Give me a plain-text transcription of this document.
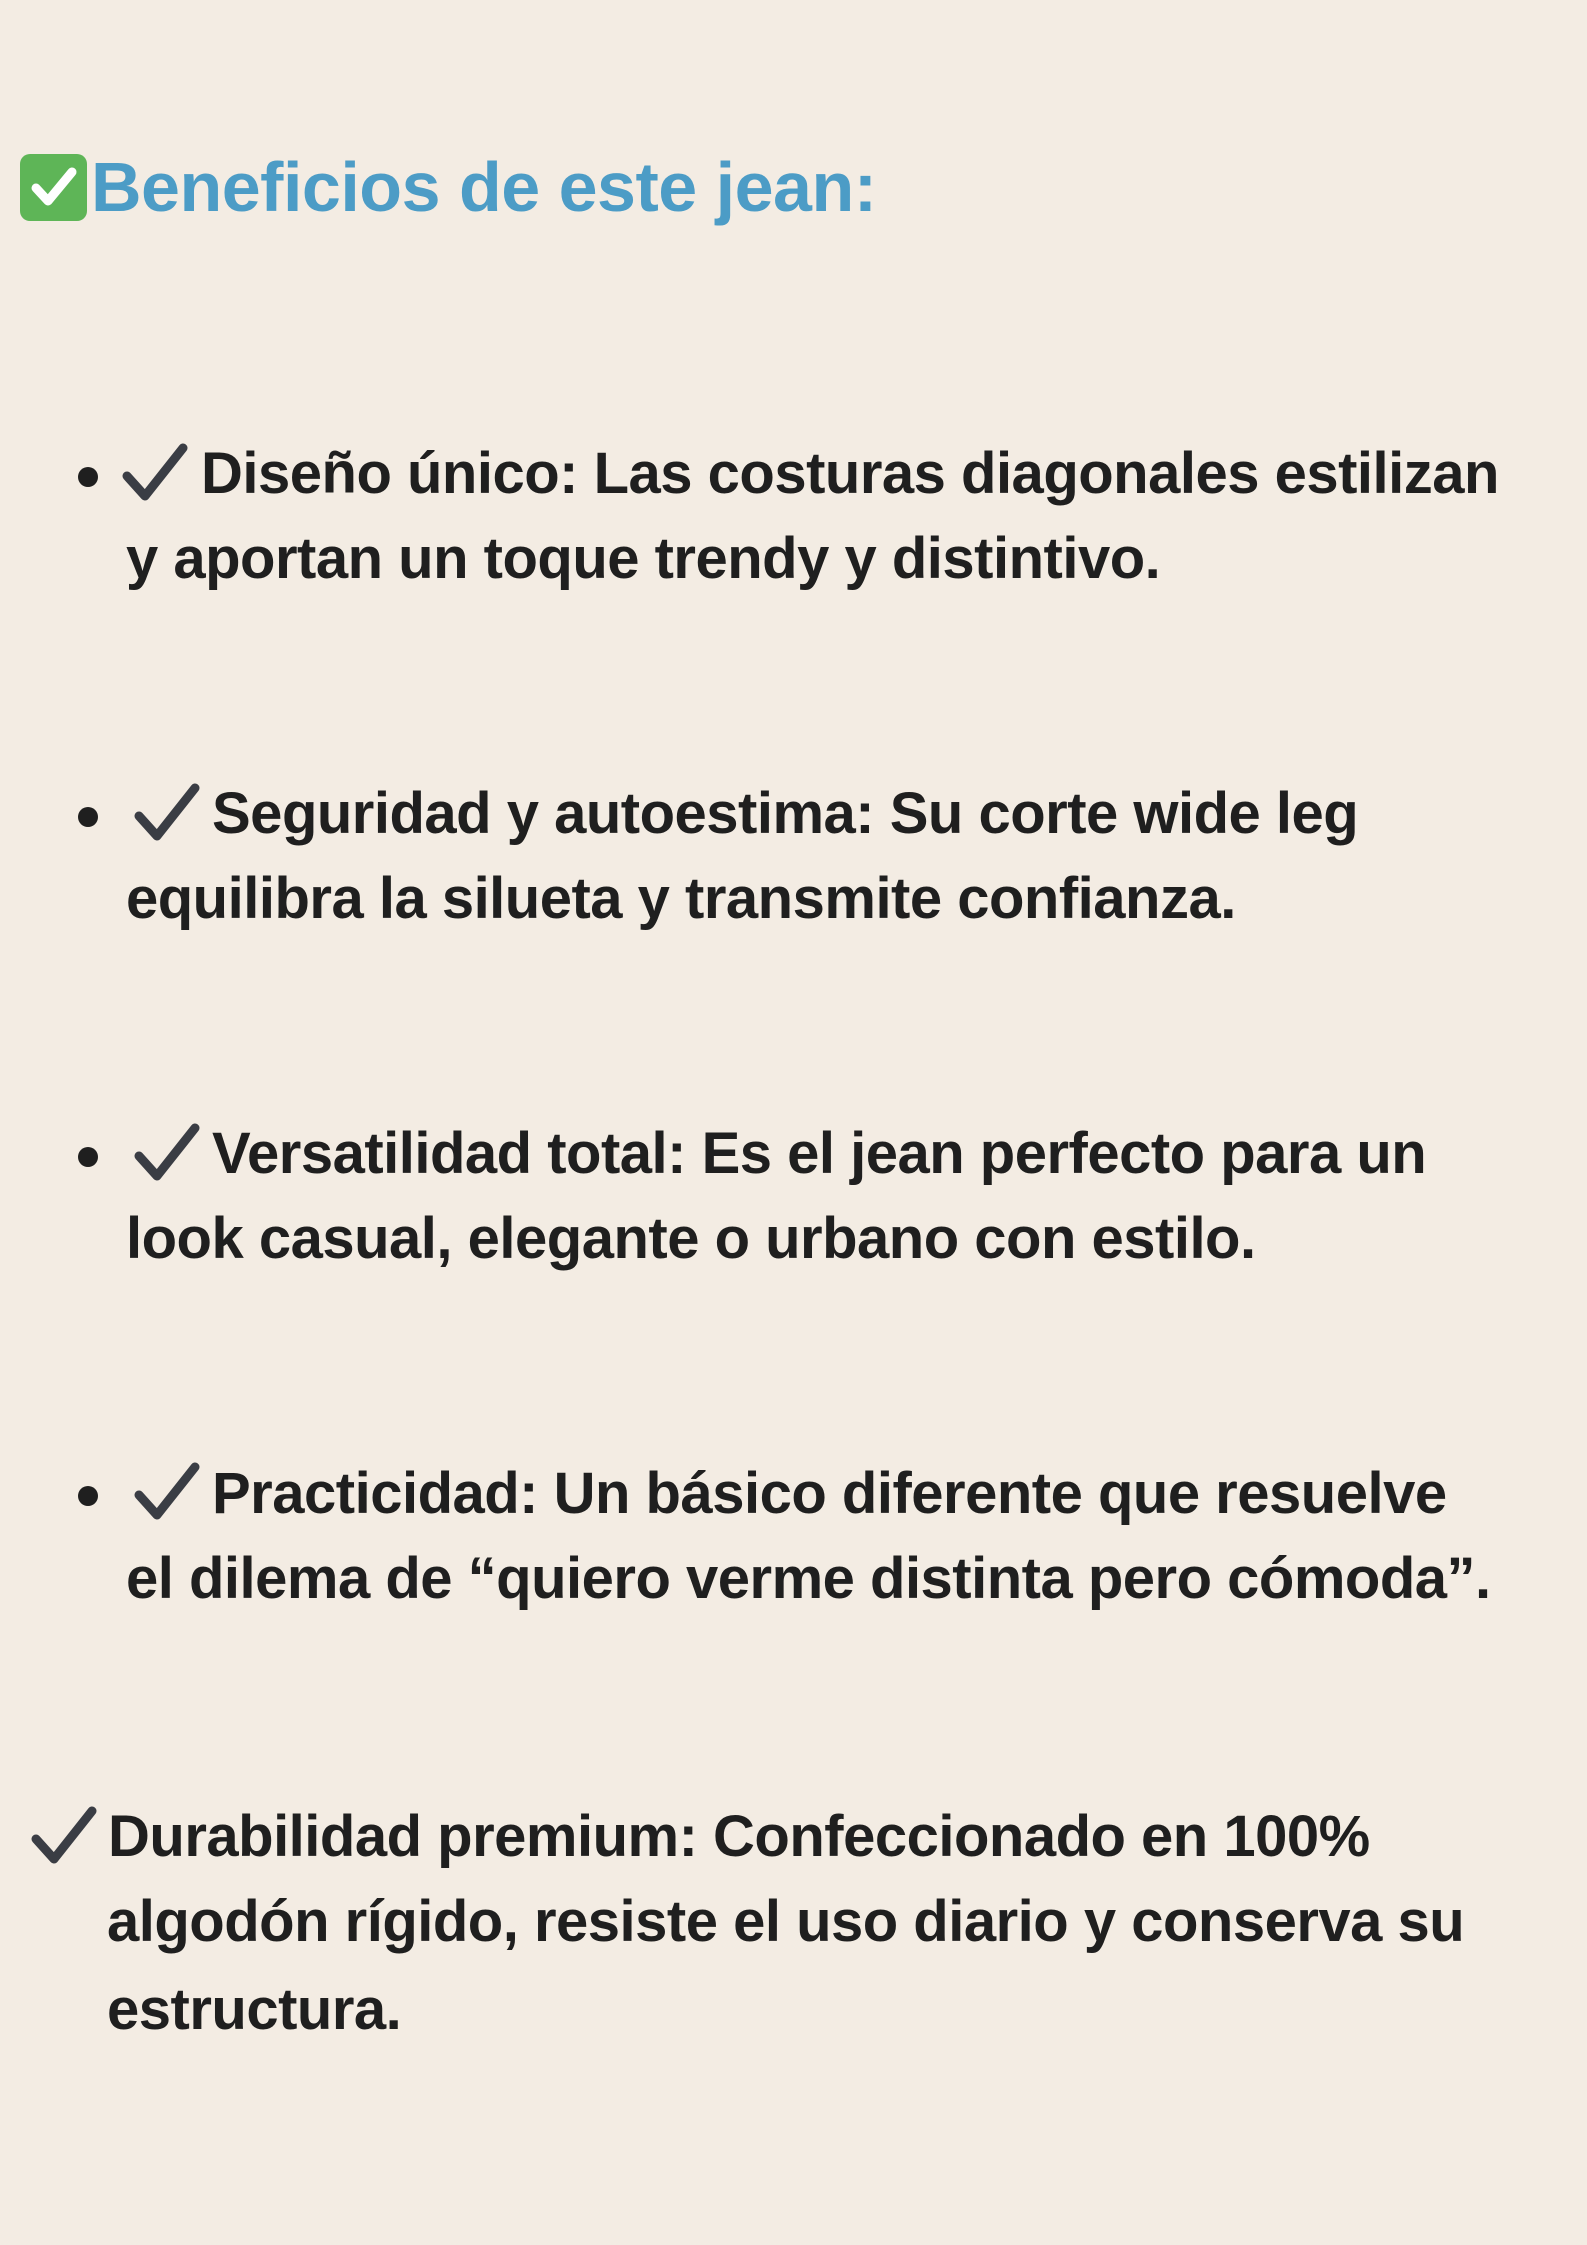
Beneficios de este jean:
Diseño único: Las costuras diagonales estilizan
y aportan un toque trendy y distintivo.
Seguridad y autoestima: Su corte wide leg
equilibra la silueta y transmite confianza.
Versatilidad total: Es el jean perfecto para un
look casual, elegante o urbano con estilo.
Practicidad: Un básico diferente que resuelve
el dilema de “quiero verme distinta pero cómoda”.
Durabilidad premium: Confeccionado en 100%
algodón rígido, resiste el uso diario y conserva su
estructura.
